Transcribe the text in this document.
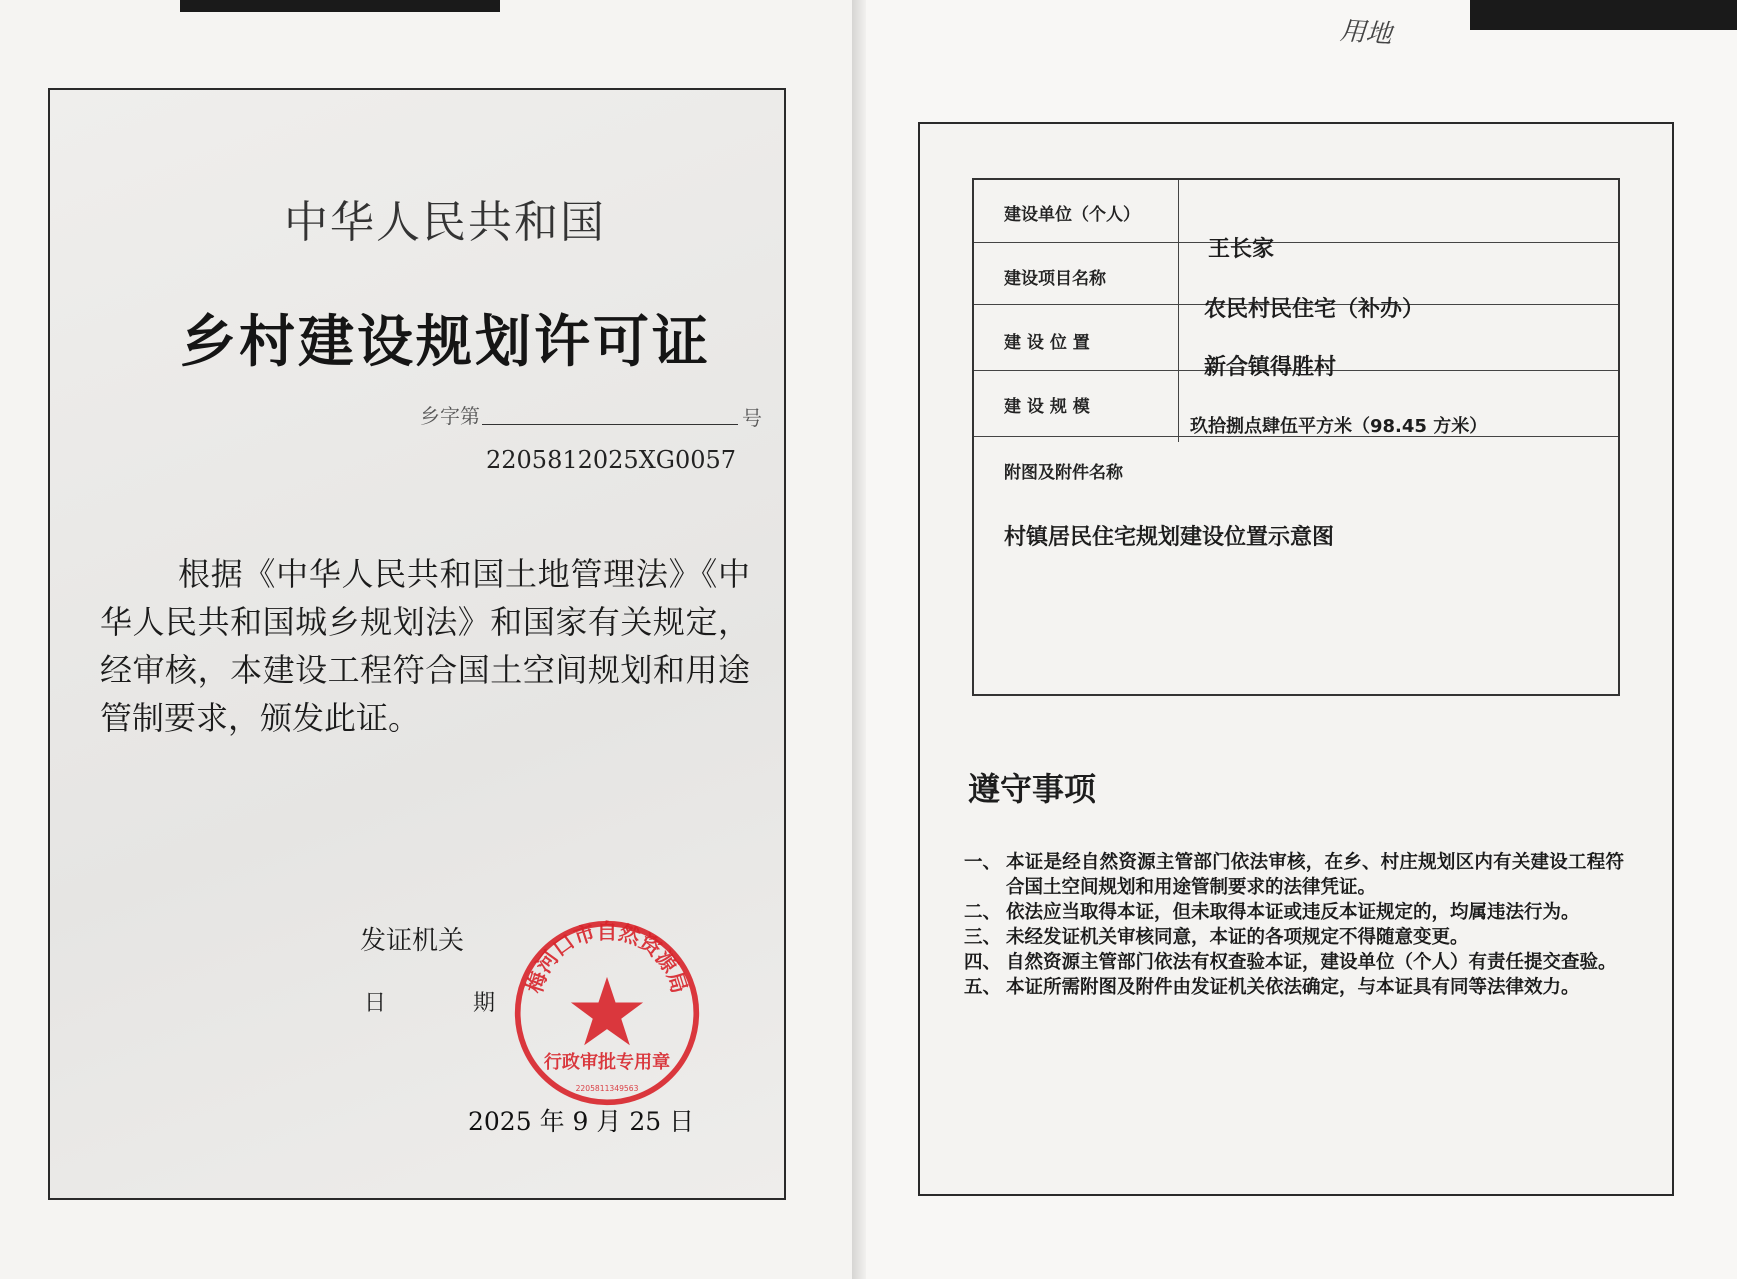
用地
中华人民共和国
乡村建设规划许可证
乡字第	号
2205812025XG0057
根据《中华人民共和国土地管理法》《中华人民共和国城乡规划法》和国家有关规定，经审核，本建设工程符合国土空间规划和用途管制要求，颁发此证。
发证机关
日 期
梅河口市自然资源局
行政审批专用章
2205811349563
2025 年 9 月 25 日
建设单位（个人）
王长家
建设项目名称
农民村民住宅（补办）
建 设 位 置
新合镇得胜村
建 设 规 模
玖拾捌点肆伍平方米（98.45 方米）
附图及附件名称
村镇居民住宅规划建设位置示意图
遵守事项
一、 本证是经自然资源主管部门依法审核，在乡、村庄规划区内有关建设工程符合国土空间规划和用途管制要求的法律凭证。
二、 依法应当取得本证，但未取得本证或违反本证规定的，均属违法行为。
三、 未经发证机关审核同意，本证的各项规定不得随意变更。
四、 自然资源主管部门依法有权查验本证，建设单位（个人）有责任提交查验。
五、 本证所需附图及附件由发证机关依法确定，与本证具有同等法律效力。
